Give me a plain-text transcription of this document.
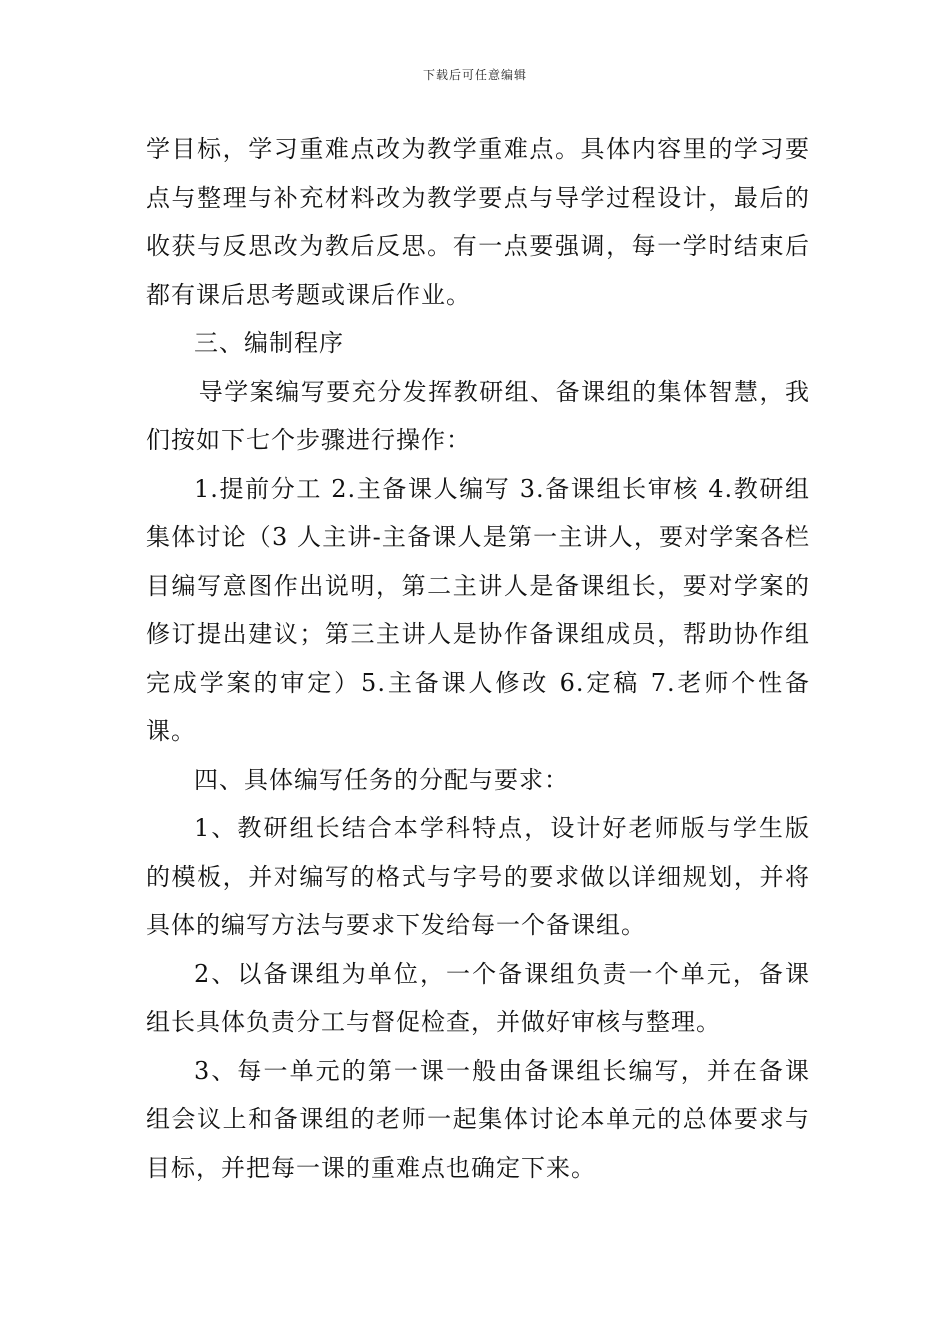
下载后可任意编辑

学目标，学习重难点改为教学重难点。具体内容里的学习要点与整理与补充材料改为教学要点与导学过程设计，最后的收获与反思改为教后反思。有一点要强调，每一学时结束后都有课后思考题或课后作业。

三、编制程序

导学案编写要充分发挥教研组、备课组的集体智慧，我们按如下七个步骤进行操作：

1.提前分工 2.主备课人编写 3.备课组长审核 4.教研组集体讨论（3 人主讲-主备课人是第一主讲人，要对学案各栏目编写意图作出说明，第二主讲人是备课组长，要对学案的修订提出建议；第三主讲人是协作备课组成员，帮助协作组完成学案的审定）5.主备课人修改 6.定稿 7.老师个性备课。

四、具体编写任务的分配与要求：

1、教研组长结合本学科特点，设计好老师版与学生版的模板，并对编写的格式与字号的要求做以详细规划，并将具体的编写方法与要求下发给每一个备课组。

2、以备课组为单位，一个备课组负责一个单元，备课组长具体负责分工与督促检查，并做好审核与整理。

3、每一单元的第一课一般由备课组长编写，并在备课组会议上和备课组的老师一起集体讨论本单元的总体要求与目标，并把每一课的重难点也确定下来。
